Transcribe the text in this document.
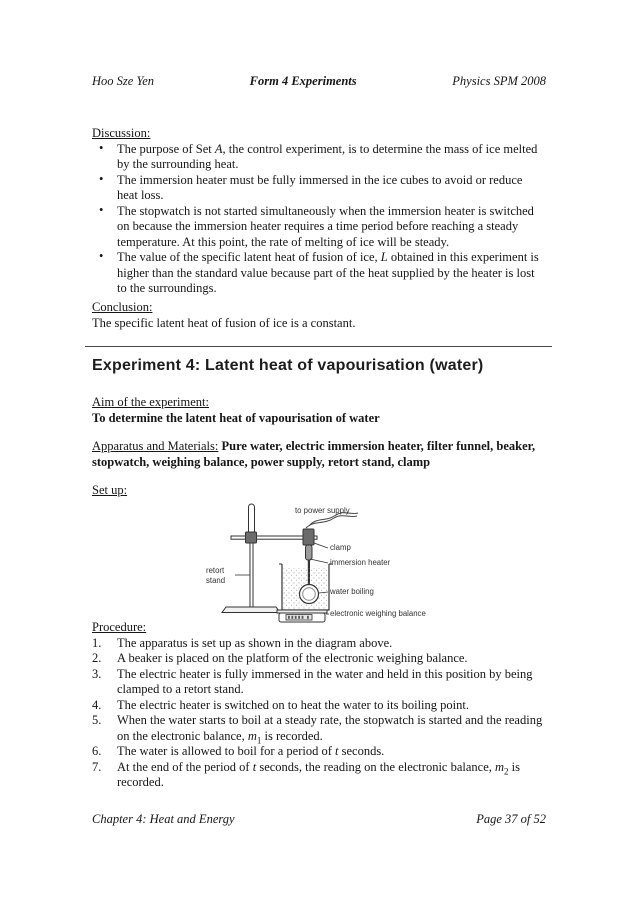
Hoo Sze Yen	Form 4 Experiments	Physics SPM 2008
Discussion:
• The purpose of Set A, the control experiment, is to determine the mass of ice melted by the surrounding heat.
• The immersion heater must be fully immersed in the ice cubes to avoid or reduce heat loss.
• The stopwatch is not started simultaneously when the immersion heater is switched on because the immersion heater requires a time period before reaching a steady temperature. At this point, the rate of melting of ice will be steady.
• The value of the specific latent heat of fusion of ice, L obtained in this experiment is higher than the standard value because part of the heat supplied by the heater is lost to the surroundings.
Conclusion:
The specific latent heat of fusion of ice is a constant.
Experiment 4: Latent heat of vapourisation (water)
Aim of the experiment:
To determine the latent heat of vapourisation of water
Apparatus and Materials: Pure water, electric immersion heater, filter funnel, beaker, stopwatch, weighing balance, power supply, retort stand, clamp
Set up:
to power supply
clamp
immersion heater
water boiling
electronic weighing balance
retort
stand
Procedure:
1. The apparatus is set up as shown in the diagram above.
2. A beaker is placed on the platform of the electronic weighing balance.
3. The electric heater is fully immersed in the water and held in this position by being clamped to a retort stand.
4. The electric heater is switched on to heat the water to its boiling point.
5. When the water starts to boil at a steady rate, the stopwatch is started and the reading on the electronic balance, $m_1$ is recorded.
6. The water is allowed to boil for a period of t seconds.
7. At the end of the period of t seconds, the reading on the electronic balance, $m_2$ is recorded.
Chapter 4: Heat and Energy	Page 37 of 52
